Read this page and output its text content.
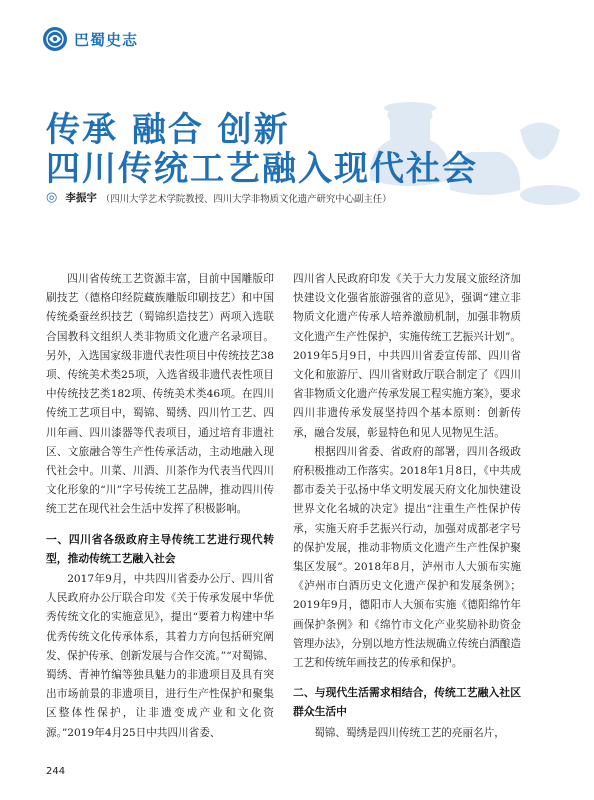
巴蜀史志
传承 融合 创新
四川传统工艺融入现代社会
◎ 李振宇 （四川大学艺术学院教授、四川大学非物质文化遗产研究中心副主任）

四川省传统工艺资源丰富，目前中国雕版印刷技艺（德格印经院藏族雕版印刷技艺）和中国传统桑蚕丝织技艺（蜀锦织造技艺）两项入选联合国教科文组织人类非物质文化遗产名录项目。另外，入选国家级非遗代表性项目中传统技艺38项、传统美术类25项，入选省级非遗代表性项目中传统技艺类182项、传统美术类46项。在四川传统工艺项目中，蜀锦、蜀绣、四川竹工艺、四川年画、四川漆器等代表项目，通过培育非遗社区、文旅融合等生产性传承活动，主动地融入现代社会中。川菜、川酒、川茶作为代表当代四川文化形象的“川”字号传统工艺品牌，推动四川传统工艺在现代社会生活中发挥了积极影响。

一、四川省各级政府主导传统工艺进行现代转型，推动传统工艺融入社会

2017年9月，中共四川省委办公厅、四川省人民政府办公厅联合印发《关于传承发展中华优秀传统文化的实施意见》，提出“要着力构建中华优秀传统文化传承体系，其着力方向包括研究阐发、保护传承、创新发展与合作交流。”“对蜀锦、蜀绣、青神竹编等独具魅力的非遗项目及具有突出市场前景的非遗项目，进行生产性保护和聚集区整体性保护，让非遗变成产业和文化资源。”2019年4月25日中共四川省委、

四川省人民政府印发《关于大力发展文旅经济加快建设文化强省旅游强省的意见》，强调“建立非物质文化遗产传承人培养激励机制，加强非物质文化遗产生产性保护，实施传统工艺振兴计划”。2019年5月9日，中共四川省委宣传部、四川省文化和旅游厅、四川省财政厅联合制定了《四川省非物质文化遗产传承发展工程实施方案》，要求四川非遗传承发展坚持四个基本原则：创新传承，融合发展，彰显特色和见人见物见生活。

根据四川省委、省政府的部署，四川各级政府积极推动工作落实。2018年1月8日，《中共成都市委关于弘扬中华文明发展天府文化加快建设世界文化名城的决定》提出“注重生产性保护传承，实施天府手艺振兴行动，加强对成都老字号的保护发展，推动非物质文化遗产生产性保护聚集区发展”。2018年8月，泸州市人大颁布实施《泸州市白酒历史文化遗产保护和发展条例》；2019年9月，德阳市人大颁布实施《德阳绵竹年画保护条例》和《绵竹市文化产业奖励补助资金管理办法》，分别以地方性法规确立传统白酒酿造工艺和传统年画技艺的传承和保护。

二、与现代生活需求相结合，传统工艺融入社区群众生活中

蜀锦、蜀绣是四川传统工艺的亮丽名片，

244
